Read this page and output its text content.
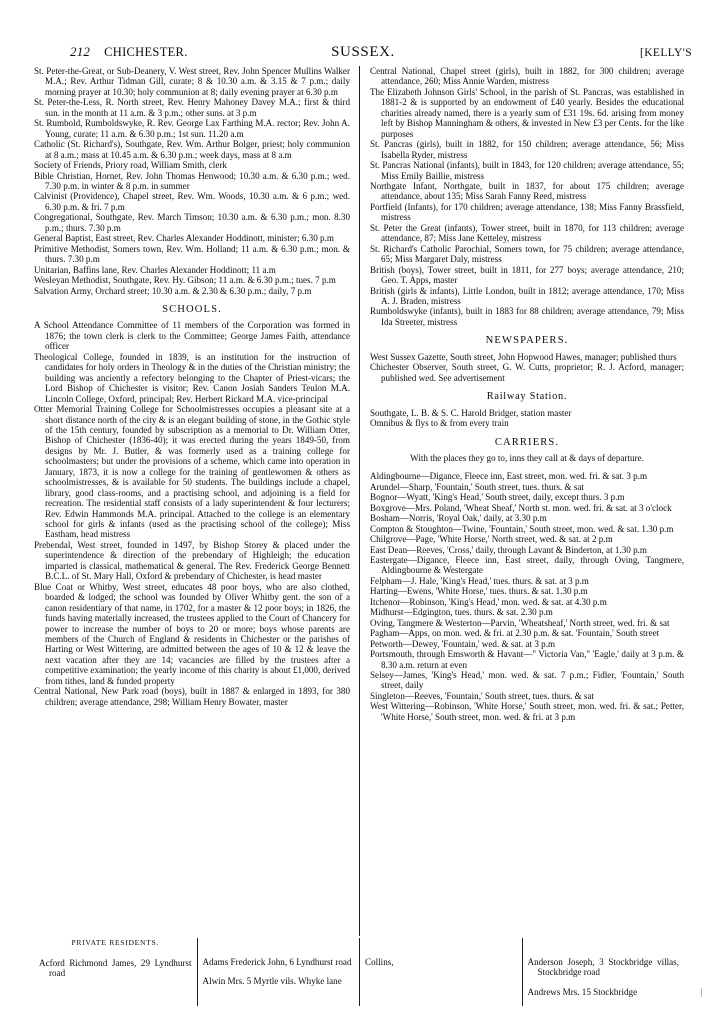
212 CHICHESTER.	SUSSEX.	[KELLY'S

St. Peter-the-Great, or Sub-Deanery, V. West street, Rev. John Spencer Mullins Walker M.A.; Rev. Arthur Tidman Gill, curate; 8 & 10.30 a.m. & 3.15 & 7 p.m.; daily morning prayer at 10.30; holy communion at 8; daily evening prayer at 6.30 p.m

St. Peter-the-Less, R. North street, Rev. Henry Mahoney Davey M.A.; first & third sun. in the month at 11 a.m. & 3 p.m.; other suns. at 3 p.m

St. Rumbold, Rumboldswyke, R. Rev. George Lax Farthing M.A. rector; Rev. John A. Young, curate; 11 a.m. & 6.30 p.m.; 1st sun. 11.20 a.m

Catholic (St. Richard's), Southgate, Rev. Wm. Arthur Bolger, priest; holy communion at 8 a.m.; mass at 10.45 a.m. & 6.30 p.m.; week days, mass at 8 a.m

Society of Friends, Priory road, William Smith, clerk

Bible Christian, Hornet, Rev. John Thomas Henwood; 10.30 a.m. & 6.30 p.m.; wed. 7.30 p.m. in winter & 8 p.m. in summer

Calvinist (Providence), Chapel street, Rev. Wm. Woods, 10.30 a.m. & 6 p.m.; wed. 6.30 p.m. & fri. 7 p.m

Congregational, Southgate, Rev. March Timson; 10.30 a.m. & 6.30 p.m.; mon. 8.30 p.m.; thurs. 7.30 p.m

General Baptist, East street, Rev. Charles Alexander Hoddinott, minister; 6.30 p.m

Primitive Methodist, Somers town, Rev. Wm. Holland; 11 a.m. & 6.30 p.m.; mon. & thurs. 7.30 p.m

Unitarian, Baffins lane, Rev. Charles Alexander Hoddinott; 11 a.m

Wesleyan Methodist, Southgate, Rev. Hy. Gibson; 11 a.m. & 6.30 p.m.; tues. 7 p.m

Salvation Army, Orchard street; 10.30 a.m. & 2.30 & 6.30 p.m.; daily, 7 p.m

SCHOOLS.

A School Attendance Committee of 11 members of the Corporation was formed in 1876; the town clerk is clerk to the Committee; George James Faith, attendance officer

Theological College, founded in 1839, is an institution for the instruction of candidates for holy orders in Theology & in the duties of the Christian ministry; the building was anciently a refectory belonging to the Chapter of Priest-vicars; the Lord Bishop of Chichester is visitor; Rev. Canon Josiah Sanders Teulon M.A. Lincoln College, Oxford, principal; Rev. Herbert Rickard M.A. vice-principal

Otter Memorial Training College for Schoolmistresses occupies a pleasant site at a short distance north of the city & is an elegant building of stone, in the Gothic style of the 15th century, founded by subscription as a memorial to Dr. William Otter, Bishop of Chichester (1836-40); it was erected during the years 1849-50, from designs by Mr. J. Butler, & was formerly used as a training college for schoolmasters; but under the provisions of a scheme, which came into operation in January, 1873, it is now a college for the training of gentlewomen & others as schoolmistresses, & is available for 50 students. The buildings include a chapel, library, good class-rooms, and a practising school, and adjoining is a field for recreation. The residential staff consists of a lady superintendent & four lecturers; Rev. Edwin Hammonds M.A. principal. Attached to the college is an elementary school for girls & infants (used as the practising school of the college); Miss Eastham, head mistress

Prebendal, West street, founded in 1497, by Bishop Storey & placed under the superintendence & direction of the prebendary of Highleigh; the education imparted is classical, mathematical & general. The Rev. Frederick George Bennett B.C.L. of St. Mary Hall, Oxford & prebendary of Chichester, is head master

Blue Coat or Whitby, West street, educates 48 poor boys, who are also clothed, boarded & lodged; the school was founded by Oliver Whitby gent. the son of a canon residentiary of that name, in 1702, for a master & 12 poor boys; in 1826, the funds having materially increased, the trustees applied to the Court of Chancery for power to increase the number of boys to 20 or more; boys whose parents are members of the Church of England & residents in Chichester or the parishes of Harting or West Wittering, are admitted between the ages of 10 & 12 & leave the next vacation after they are 14; vacancies are filled by the trustees after a competitive examination; the yearly income of this charity is about £1,000, derived from tithes, land & funded property

Central National, New Park road (boys), built in 1887 & enlarged in 1893, for 380 children; average attendance, 298; William Henry Bowater, master

Central National, Chapel street (girls), built in 1882, for 300 children; average attendance, 260; Miss Annie Warden, mistress

The Elizabeth Johnson Girls' School, in the parish of St. Pancras, was established in 1881-2 & is supported by an endowment of £40 yearly. Besides the educational charities already named, there is a yearly sum of £31 19s. 6d. arising from money left by Bishop Manningham & others, & invested in New £3 per Cents. for the like purposes

St. Pancras (girls), built in 1882, for 150 children; average attendance, 56; Miss Isabella Ryder, mistress

St. Pancras National (infants), built in 1843, for 120 children; average attendance, 55; Miss Emily Baillie, mistress

Northgate Infant, Northgate, built in 1837, for about 175 children; average attendance, about 135; Miss Sarah Fanny Reed, mistress

Portfield (Infants), for 170 children; average attendance, 138; Miss Fanny Brassfield, mistress

St. Peter the Great (infants), Tower street, built in 1870, for 113 children; average attendance, 87; Miss Jane Ketteley, mistress

St. Richard's Catholic Parochial, Somers town, for 75 children; average attendance, 65; Miss Margaret Daly, mistress

British (boys), Tower street, built in 1811, for 277 boys; average attendance, 210; Geo. T. Apps, master

British (girls & infants), Little London, built in 1812; average attendance, 170; Miss A. J. Braden, mistress

Rumboldswyke (infants), built in 1883 for 88 children; average attendance, 79; Miss Ida Streeter, mistress

NEWSPAPERS.

West Sussex Gazette, South street, John Hopwood Hawes, manager; published thurs

Chichester Observer, South street, G. W. Cutts, proprietor; R. J. Acford, manager; published wed. See advertisement

Railway Station.

Southgate, L. B. & S. C. Harold Bridger, station master

Omnibus & flys to & from every train

CARRIERS.

With the places they go to, inns they call at & days of departure.

Aldingbourne—Digance, Fleece inn, East street, mon. wed. fri. & sat. 3 p.m

Arundel—Sharp, 'Fountain,' South street, tues. thurs. & sat

Bognor—Wyatt, 'King's Head,' South street, daily, except thurs. 3 p.m

Boxgrove—Mrs. Poland, 'Wheat Sheaf,' North st. mon. wed. fri. & sat. at 3 o'clock

Bosham—Norris, 'Royal Oak,' daily, at 3.30 p.m

Compton & Stoughton—Twine, 'Fountain,' South street, mon. wed. & sat. 1.30 p.m

Chilgrove—Page, 'White Horse,' North street, wed. & sat. at 2 p.m

East Dean—Reeves, 'Cross,' daily, through Lavant & Binderton, at 1.30 p.m

Eastergate—Digance, Fleece inn, East street, daily, through Oving, Tangmere, Aldingbourne & Westergate

Felpham—J. Hale, 'King's Head,' tues. thurs. & sat. at 3 p.m

Harting—Ewens, 'White Horse,' tues. thurs. & sat. 1.30 p.m

Itchenor—Robinson, 'King's Head,' mon. wed. & sat. at 4.30 p.m

Midhurst—Edgington, tues. thurs. & sat. 2.30 p.m

Oving, Tangmere & Westerton—Parvin, 'Wheatsheaf,' North street, wed. fri. & sat

Pagham—Apps, on mon. wed. & fri. at 2.30 p.m. & sat. 'Fountain,' South street

Petworth—Dewey, 'Fountain,' wed. & sat. at 3 p.m

Portsmouth, through Emsworth & Havant—" Victoria Van," 'Eagle,' daily at 3 p.m. & 8.30 a.m. return at even

Selsey—James, 'King's Head,' mon. wed. & sat. 7 p.m.; Fidler, 'Fountain,' South street, daily

Singleton—Reeves, 'Fountain,' South street, tues. thurs. & sat

West Wittering—Robinson, 'White Horse,' South street, mon. wed. fri. & sat.; Petter, 'White Horse,' South street, mon. wed. & fri. at 3 p.m

PRIVATE RESIDENTS.

Acford Richmond James, 29 Lyndhurst road

Adams Frederick John, 6 Lyndhurst road

Alwin Mrs. 5 Myrtle vils. Whyke lane

Collins,	Anderson Joseph, 3 Stockbridge villas, Stockbridge road

Andrews Mrs. 15 Stockbridge
